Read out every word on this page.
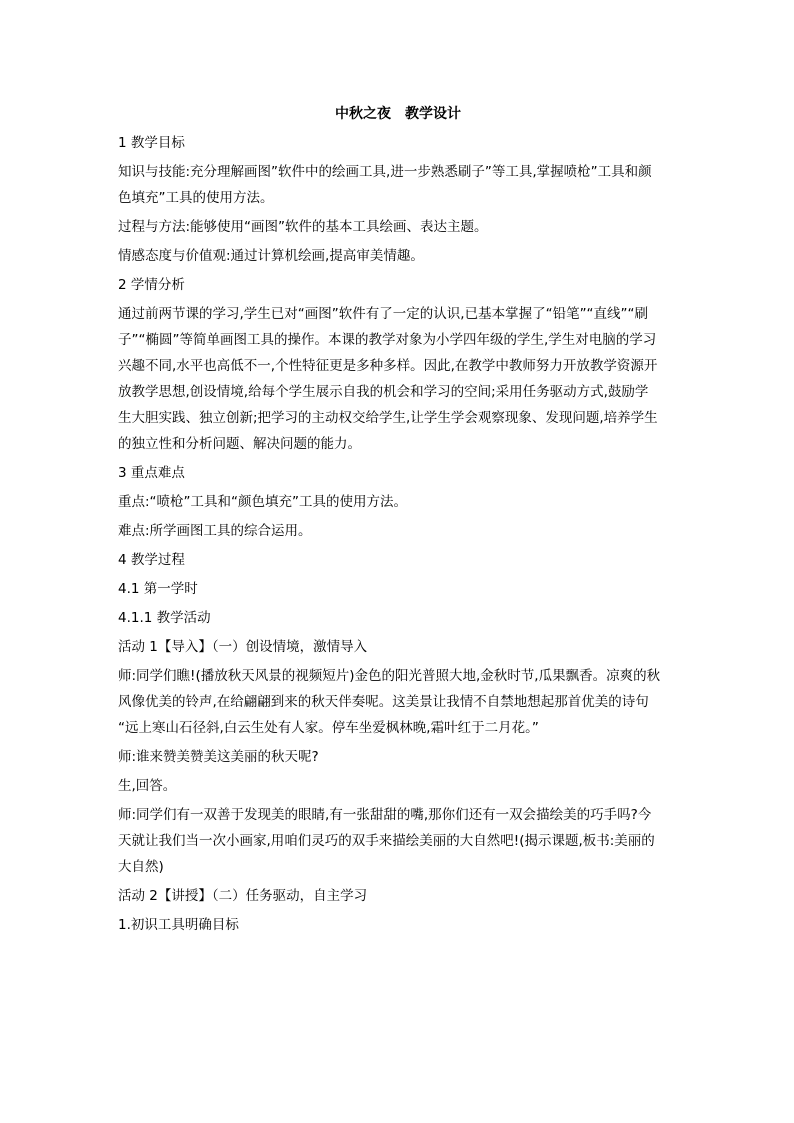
中秋之夜　教学设计
1 教学目标
知识与技能:充分理解画图”软件中的绘画工具,进一步熟悉刷子”等工具,掌握喷枪”工具和颜
色填充”工具的使用方法。
过程与方法:能够使用“画图”软件的基本工具绘画、表达主题。
情感态度与价值观:通过计算机绘画,提高审美情趣。
2 学情分析
通过前两节课的学习,学生已对“画图”软件有了一定的认识,已基本掌握了“铅笔”“直线”“刷
子”“椭圆”等简单画图工具的操作。本课的教学对象为小学四年级的学生,学生对电脑的学习
兴趣不同,水平也高低不一,个性特征更是多种多样。因此,在教学中教师努力开放教学资源开
放教学思想,创设情境,给每个学生展示自我的机会和学习的空间;采用任务驱动方式,鼓励学
生大胆实践、独立创新;把学习的主动权交给学生,让学生学会观察现象、发现问题,培养学生
的独立性和分析问题、解决问题的能力。
3 重点难点
重点:“喷枪”工具和“颜色填充”工具的使用方法。
难点:所学画图工具的综合运用。
4 教学过程
4.1 第一学时
4.1.1 教学活动
活动 1【导入】（一）创设情境，激情导入
师:同学们瞧!(播放秋天风景的视频短片)金色的阳光普照大地,金秋时节,瓜果飘香。凉爽的秋
风像优美的铃声,在给翩翩到来的秋天伴奏呢。这美景让我情不自禁地想起那首优美的诗句
“远上寒山石径斜,白云生处有人家。停车坐爱枫林晚,霜叶红于二月花。”
师:谁来赞美赞美这美丽的秋天呢?
生,回答。
师:同学们有一双善于发现美的眼睛,有一张甜甜的嘴,那你们还有一双会描绘美的巧手吗?今
天就让我们当一次小画家,用咱们灵巧的双手来描绘美丽的大自然吧!(揭示课题,板书:美丽的
大自然)
活动 2【讲授】（二）任务驱动，自主学习
1.初识工具明确目标
